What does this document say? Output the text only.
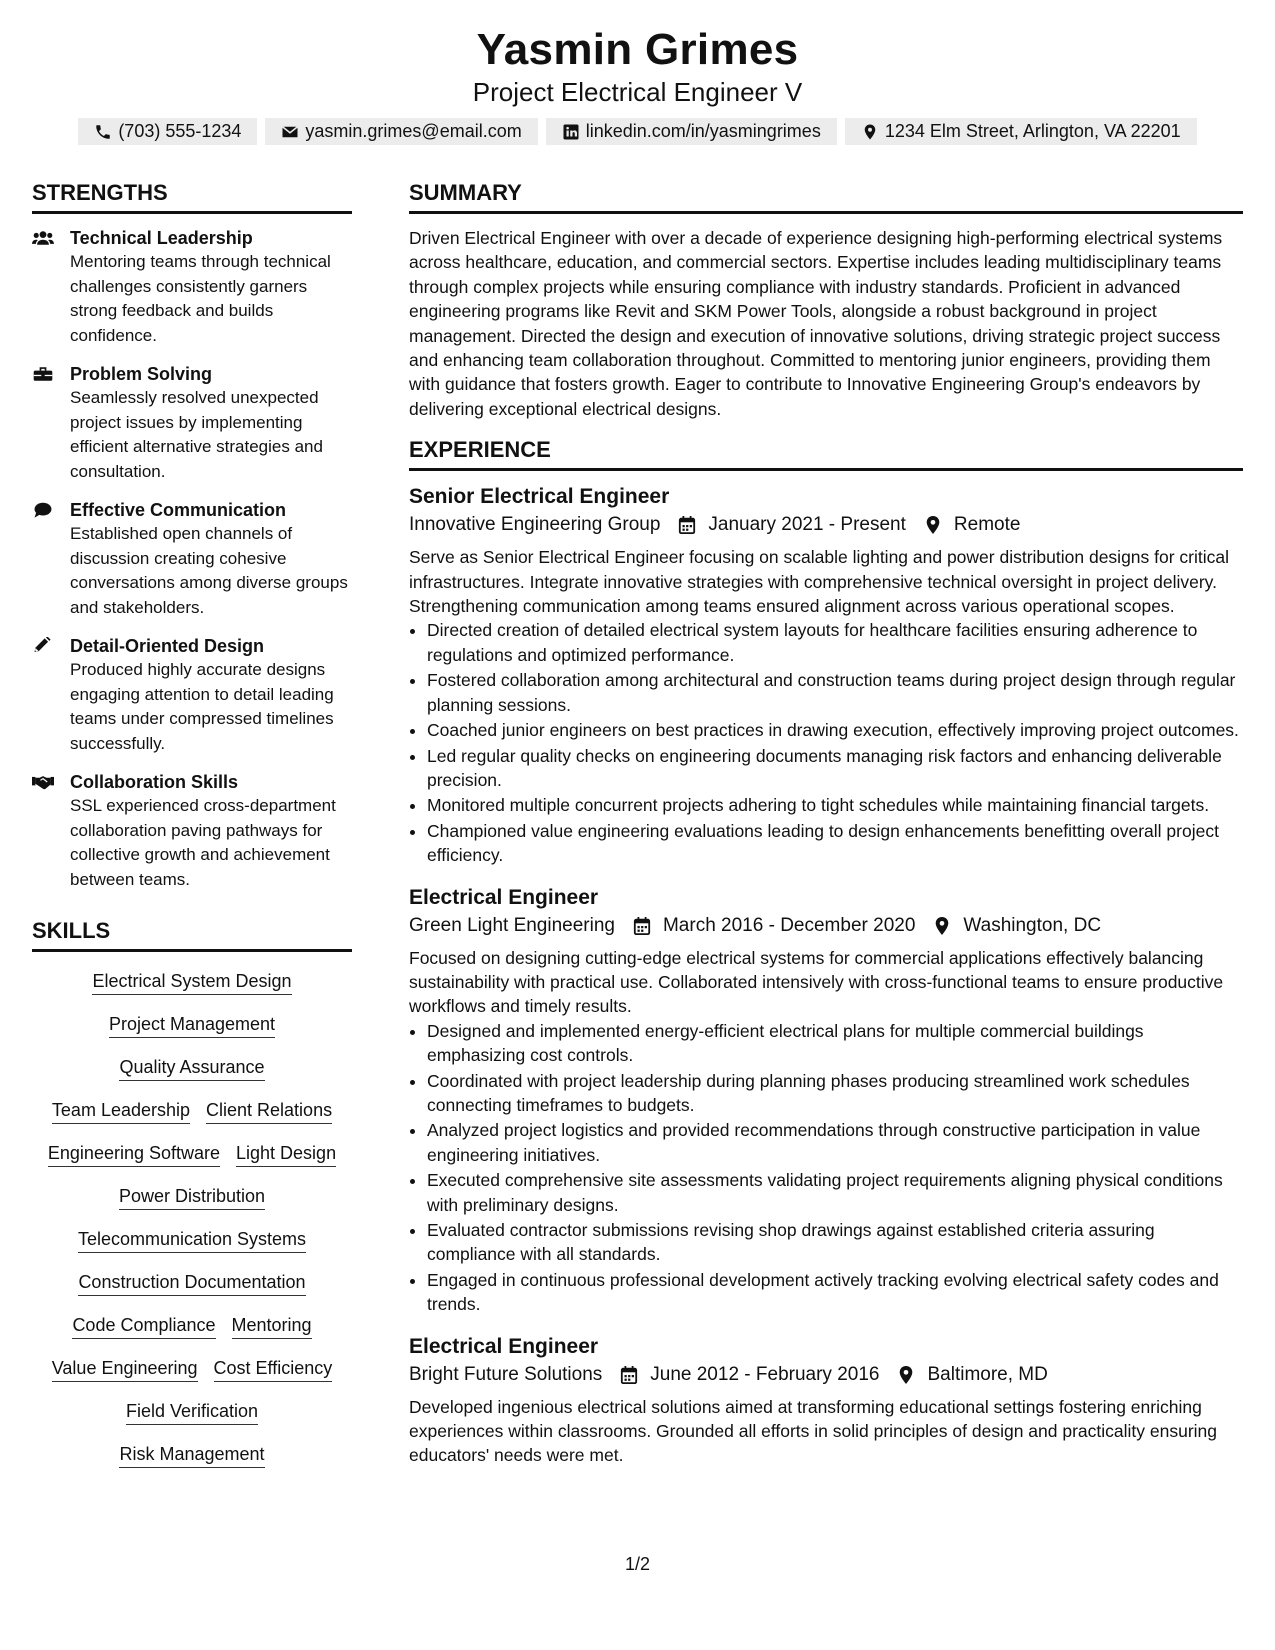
Yasmin Grimes
Project Electrical Engineer V
(703) 555-1234	yasmin.grimes@email.com	linkedin.com/in/yasmingrimes	1234 Elm Street, Arlington, VA 22201
STRENGTHS
Technical Leadership
Mentoring teams through technical challenges consistently garners strong feedback and builds confidence.
Problem Solving
Seamlessly resolved unexpected project issues by implementing efficient alternative strategies and consultation.
Effective Communication
Established open channels of discussion creating cohesive conversations among diverse groups and stakeholders.
Detail-Oriented Design
Produced highly accurate designs engaging attention to detail leading teams under compressed timelines successfully.
Collaboration Skills
SSL experienced cross-department collaboration paving pathways for collective growth and achievement between teams.
SKILLS
Electrical System Design
Project Management
Quality Assurance
Team Leadership Client Relations
Engineering Software Light Design
Power Distribution
Telecommunication Systems
Construction Documentation
Code Compliance Mentoring
Value Engineering Cost Efficiency
Field Verification
Risk Management
SUMMARY
Driven Electrical Engineer with over a decade of experience designing high-performing electrical systems across healthcare, education, and commercial sectors. Expertise includes leading multidisciplinary teams through complex projects while ensuring compliance with industry standards. Proficient in advanced engineering programs like Revit and SKM Power Tools, alongside a robust background in project management. Directed the design and execution of innovative solutions, driving strategic project success and enhancing team collaboration throughout. Committed to mentoring junior engineers, providing them with guidance that fosters growth. Eager to contribute to Innovative Engineering Group's endeavors by delivering exceptional electrical designs.
EXPERIENCE
Senior Electrical Engineer
Innovative Engineering Group	January 2021 - Present	Remote
Serve as Senior Electrical Engineer focusing on scalable lighting and power distribution designs for critical infrastructures. Integrate innovative strategies with comprehensive technical oversight in project delivery. Strengthening communication among teams ensured alignment across various operational scopes.
• Directed creation of detailed electrical system layouts for healthcare facilities ensuring adherence to regulations and optimized performance.
• Fostered collaboration among architectural and construction teams during project design through regular planning sessions.
• Coached junior engineers on best practices in drawing execution, effectively improving project outcomes.
• Led regular quality checks on engineering documents managing risk factors and enhancing deliverable precision.
• Monitored multiple concurrent projects adhering to tight schedules while maintaining financial targets.
• Championed value engineering evaluations leading to design enhancements benefitting overall project efficiency.
Electrical Engineer
Green Light Engineering	March 2016 - December 2020	Washington, DC
Focused on designing cutting-edge electrical systems for commercial applications effectively balancing sustainability with practical use. Collaborated intensively with cross-functional teams to ensure productive workflows and timely results.
• Designed and implemented energy-efficient electrical plans for multiple commercial buildings emphasizing cost controls.
• Coordinated with project leadership during planning phases producing streamlined work schedules connecting timeframes to budgets.
• Analyzed project logistics and provided recommendations through constructive participation in value engineering initiatives.
• Executed comprehensive site assessments validating project requirements aligning physical conditions with preliminary designs.
• Evaluated contractor submissions revising shop drawings against established criteria assuring compliance with all standards.
• Engaged in continuous professional development actively tracking evolving electrical safety codes and trends.
Electrical Engineer
Bright Future Solutions	June 2012 - February 2016	Baltimore, MD
Developed ingenious electrical solutions aimed at transforming educational settings fostering enriching experiences within classrooms. Grounded all efforts in solid principles of design and practicality ensuring educators' needs were met.
1/2
